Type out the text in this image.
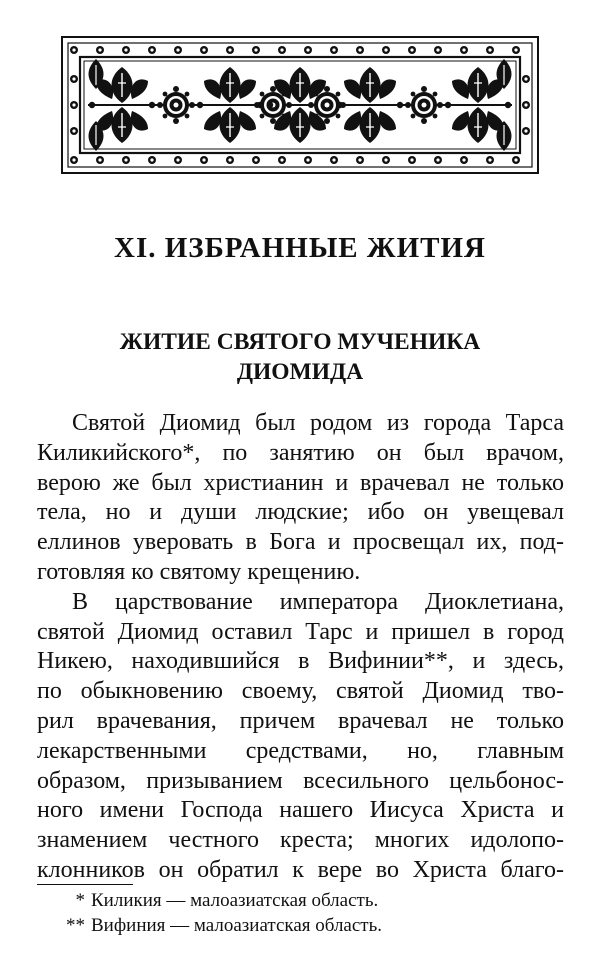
XI. ИЗБРАННЫЕ ЖИТИЯ
ЖИТИЕ СВЯТОГО МУЧЕНИКА
ДИОМИДА
Святой Диомид был родом из города Тарса
Киликийского*, по занятию он был врачом,
верою же был христианин и врачевал не только
тела, но и души людские; ибо он увещевал
еллинов уверовать в Бога и просвещал их, под-
готовляя ко святому крещению.
В царствование императора Диоклетиана,
святой Диомид оставил Тарс и пришел в город
Никею, находившийся в Вифинии**, и здесь,
по обыкновению своему, святой Диомид тво-
рил врачевания, причем врачевал не только
лекарственными средствами, но, главным
образом, призыванием всесильного цельбонос-
ного имени Господа нашего Иисуса Христа и
знамением честного креста; многих идолопо-
клонников он обратил к вере во Христа благо-
* Киликия — малоазиатская область.
** Вифиния — малоазиатская область.
